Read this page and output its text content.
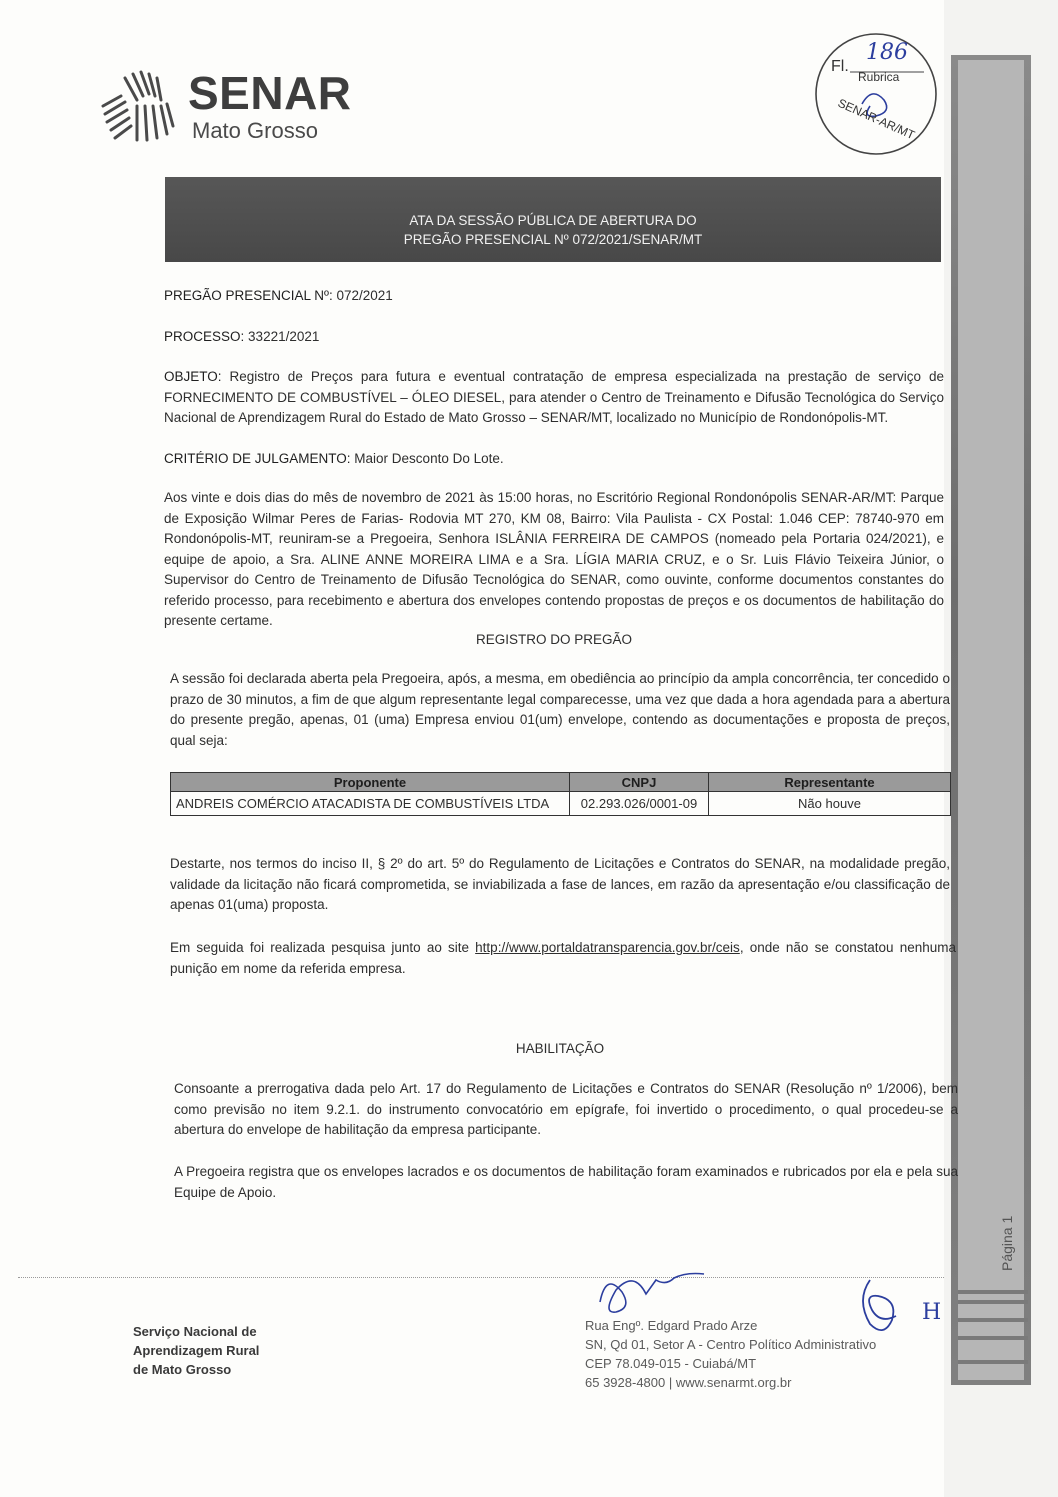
SENAR
Mato Grosso
Fl.
186
Rubrica
SENAR-AR/MT
ATA DA SESSÃO PÚBLICA DE ABERTURA DO
PREGÃO PRESENCIAL Nº 072/2021/SENAR/MT
PREGÃO PRESENCIAL Nº: 072/2021
PROCESSO: 33221/2021
OBJETO: Registro de Preços para futura e eventual contratação de empresa especializada na prestação de serviço de FORNECIMENTO DE COMBUSTÍVEL – ÓLEO DIESEL, para atender o Centro de Treinamento e Difusão Tecnológica do Serviço Nacional de Aprendizagem Rural do Estado de Mato Grosso – SENAR/MT, localizado no Município de Rondonópolis-MT.
CRITÉRIO DE JULGAMENTO: Maior Desconto Do Lote.
Aos vinte e dois dias do mês de novembro de 2021 às 15:00 horas, no Escritório Regional Rondonópolis SENAR-AR/MT: Parque de Exposição Wilmar Peres de Farias- Rodovia MT 270, KM 08, Bairro: Vila Paulista - CX Postal: 1.046 CEP: 78740-970 em Rondonópolis-MT, reuniram-se a Pregoeira, Senhora ISLÂNIA FERREIRA DE CAMPOS (nomeado pela Portaria 024/2021), e equipe de apoio, a Sra. ALINE ANNE MOREIRA LIMA e a Sra. LÍGIA MARIA CRUZ, e o Sr. Luis Flávio Teixeira Júnior, o Supervisor do Centro de Treinamento de Difusão Tecnológica do SENAR, como ouvinte, conforme documentos constantes do referido processo, para recebimento e abertura dos envelopes contendo propostas de preços e os documentos de habilitação do presente certame.
REGISTRO DO PREGÃO
A sessão foi declarada aberta pela Pregoeira, após, a mesma, em obediência ao princípio da ampla concorrência, ter concedido o prazo de 30 minutos, a fim de que algum representante legal comparecesse, uma vez que dada a hora agendada para a abertura do presente pregão, apenas, 01 (uma) Empresa enviou 01(um) envelope, contendo as documentações e proposta de preços, qual seja:
Proponente	CNPJ	Representante
ANDREIS COMÉRCIO ATACADISTA DE COMBUSTÍVEIS LTDA	02.293.026/0001-09	Não houve
Destarte, nos termos do inciso II, § 2º do art. 5º do Regulamento de Licitações e Contratos do SENAR, na modalidade pregão, validade da licitação não ficará comprometida, se inviabilizada a fase de lances, em razão da apresentação e/ou classificação de apenas 01(uma) proposta.
Em seguida foi realizada pesquisa junto ao site http://www.portaldatransparencia.gov.br/ceis, onde não se constatou nenhuma punição em nome da referida empresa.
HABILITAÇÃO
Consoante a prerrogativa dada pelo Art. 17 do Regulamento de Licitações e Contratos do SENAR (Resolução nº 1/2006), bem como previsão no item 9.2.1. do instrumento convocatório em epígrafe, foi invertido o procedimento, o qual procedeu-se a abertura do envelope de habilitação da empresa participante.
A Pregoeira registra que os envelopes lacrados e os documentos de habilitação foram examinados e rubricados por ela e pela sua Equipe de Apoio.
Página 1
Serviço Nacional de
Aprendizagem Rural
de Mato Grosso
Rua Engº. Edgard Prado Arze
SN, Qd 01, Setor A - Centro Político Administrativo
CEP 78.049-015 - Cuiabá/MT
65 3928-4800 | www.senarmt.org.br
H
